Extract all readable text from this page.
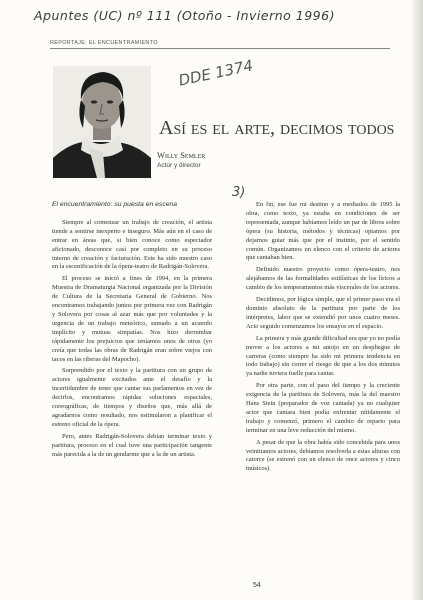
Apuntes (UC) nº 111 (Otoño - Invierno 1996)
REPORTAJE: EL ENCUENTRAMIENTO
DDE 1374
Así es el arte, decimos todos
Willy Semler
Actor y director
3)

El encuentramiento: su puesta en escena

Siempre al comenzar un trabajo de creación, el artista tiende a sentirse inexperto e inseguro. Más aún en el caso de entrar en áreas que, si bien conoce como espectador aficionado, desconoce casi por completo en su proceso interno de creación y facturación. Este ha sido nuestro caso en la escenificación de la ópera-teatro de Radrigán-Solovera.

El proceso se inició a fines de 1994, en la primera Muestra de Dramaturgia Nacional organizada por la División de Cultura de la Secretaría General de Gobierno. Nos encontramos trabajando juntos por primera vez con Radrigán y Solovera por cosas al azar más que por voluntades y la urgencia de un trabajo meteórico, sumado a un acuerdo implícito y mutuas simpatías. Nos hizo derrumbar rápidamente los prejuicios que teníamos unos de otros (yo creía que todas las obras de Radrigán eran sobre viejos con tacos en las riberas del Mapocho).

Sorprendido por el texto y la partitura con un grupo de actores igualmente excitados ante el desafío y la incertidumbre de tener que cantar sus parlamentos en vez de decirlos, encontramos rápidas soluciones espaciales, coreográficas, de tiempos y diseños que, más allá de agradarnos como resultado, nos estimularon a planificar el estreno oficial de la ópera.

Pero, antes Radrigán-Solovera debían terminar texto y partitura, proceso en el cual tuve una participación tangente más parecida a la de un gendarme que a la de un artista.

En fin, ese fue mi destino y a mediados de 1995 la obra, como texto, ya estaba en condiciones de ser representada, aunque habíamos leído un par de libros sobre ópera (su historia, métodos y técnicas) optamos por dejarnos guiar más que por el instinto, por el sentido común. Organizamos un elenco con el criterio de actores que cantaban bien.

Definido nuestro proyecto como ópera-teatro, nos alejábamos de las formalidades estilísticas de los líricos a cambio de los temperamentos más viscerales de los actores.

Decidimos, por lógica simple, que el primer paso era el dominio absoluto de la partitura por parte de los intérpretes, labor que se extendió por unos cuatro meses. Acto seguido comenzamos los ensayos en el espacio.

La primera y más grande dificultad era que yo no podía mover a los actores a mi antojo en un despliegue de carreras (como siempre ha sido mi primera tendencia en todo trabajo) sin correr el riesgo de que a los dos minutos ya nadie tuviera fuelle para cantar.

Por otra parte, con el paso del tiempo y la creciente exigencia de la partitura de Solovera, más la del maestro Hans Stein (preparador de voz cantada) ya no cualquier actor que cantara bien podía enfrentar nítidamente el trabajo y comenzó, primero el cambio de reparto para terminar en una leve reducción del mismo.

A pesar de que la obra había sido concebida para unos veintitantos actores, debíamos resolverla a estas alturas con catorce (se estrenó con un elenco de once actores y cinco músicos).

54
